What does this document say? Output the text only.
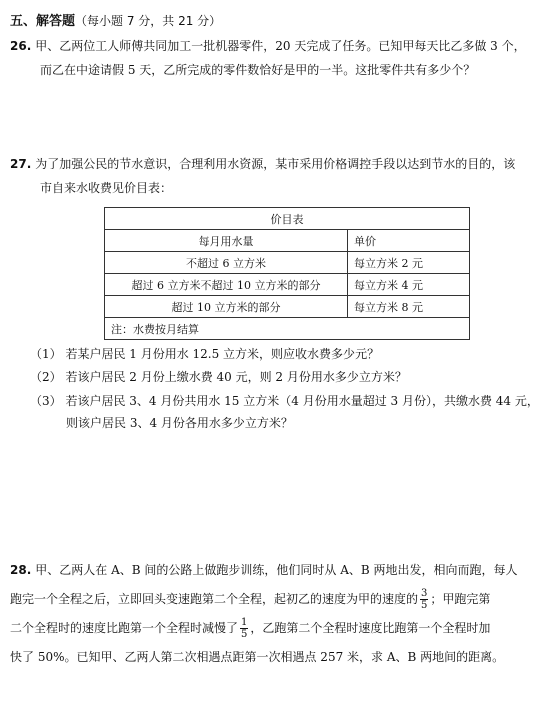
五、解答题（每小题 7 分，共 21 分）
26. 甲、乙两位工人师傅共同加工一批机器零件，20 天完成了任务。已知甲每天比乙多做 3 个，
而乙在中途请假 5 天，乙所完成的零件数恰好是甲的一半。这批零件共有多少个？
27. 为了加强公民的节水意识，合理利用水资源，某市采用价格调控手段以达到节水的目的，该
市自来水收费见价目表：
价目表	
每月用水量	单价
不超过 6 立方米	每立方米 2 元
超过 6 立方米不超过 10 立方米的部分	每立方米 4 元
超过 10 立方米的部分	每立方米 8 元
注：水费按月结算	
（1） 若某户居民 1 月份用水 12.5 立方米，则应收水费多少元？
（2） 若该户居民 2 月份上缴水费 40 元，则 2 月份用水多少立方米？
（3） 若该户居民 3、4 月份共用水 15 立方米（4 月份用水量超过 3 月份），共缴水费 44 元，
则该户居民 3、4 月份各用水多少立方米？
28. 甲、乙两人在 A、B 间的公路上做跑步训练，他们同时从 A、B 两地出发，相向而跑，每人
跑完一个全程之后，立即回头变速跑第二个全程，起初乙的速度为甲的速度的 $\frac{3}{5}$ ；甲跑完第
二个全程时的速度比跑第一个全程时减慢了 $\frac{1}{5}$ ，乙跑第二个全程时速度比跑第一个全程时加
快了 50%。已知甲、乙两人第二次相遇点距第一次相遇点 257 米，求 A、B 两地间的距离。
